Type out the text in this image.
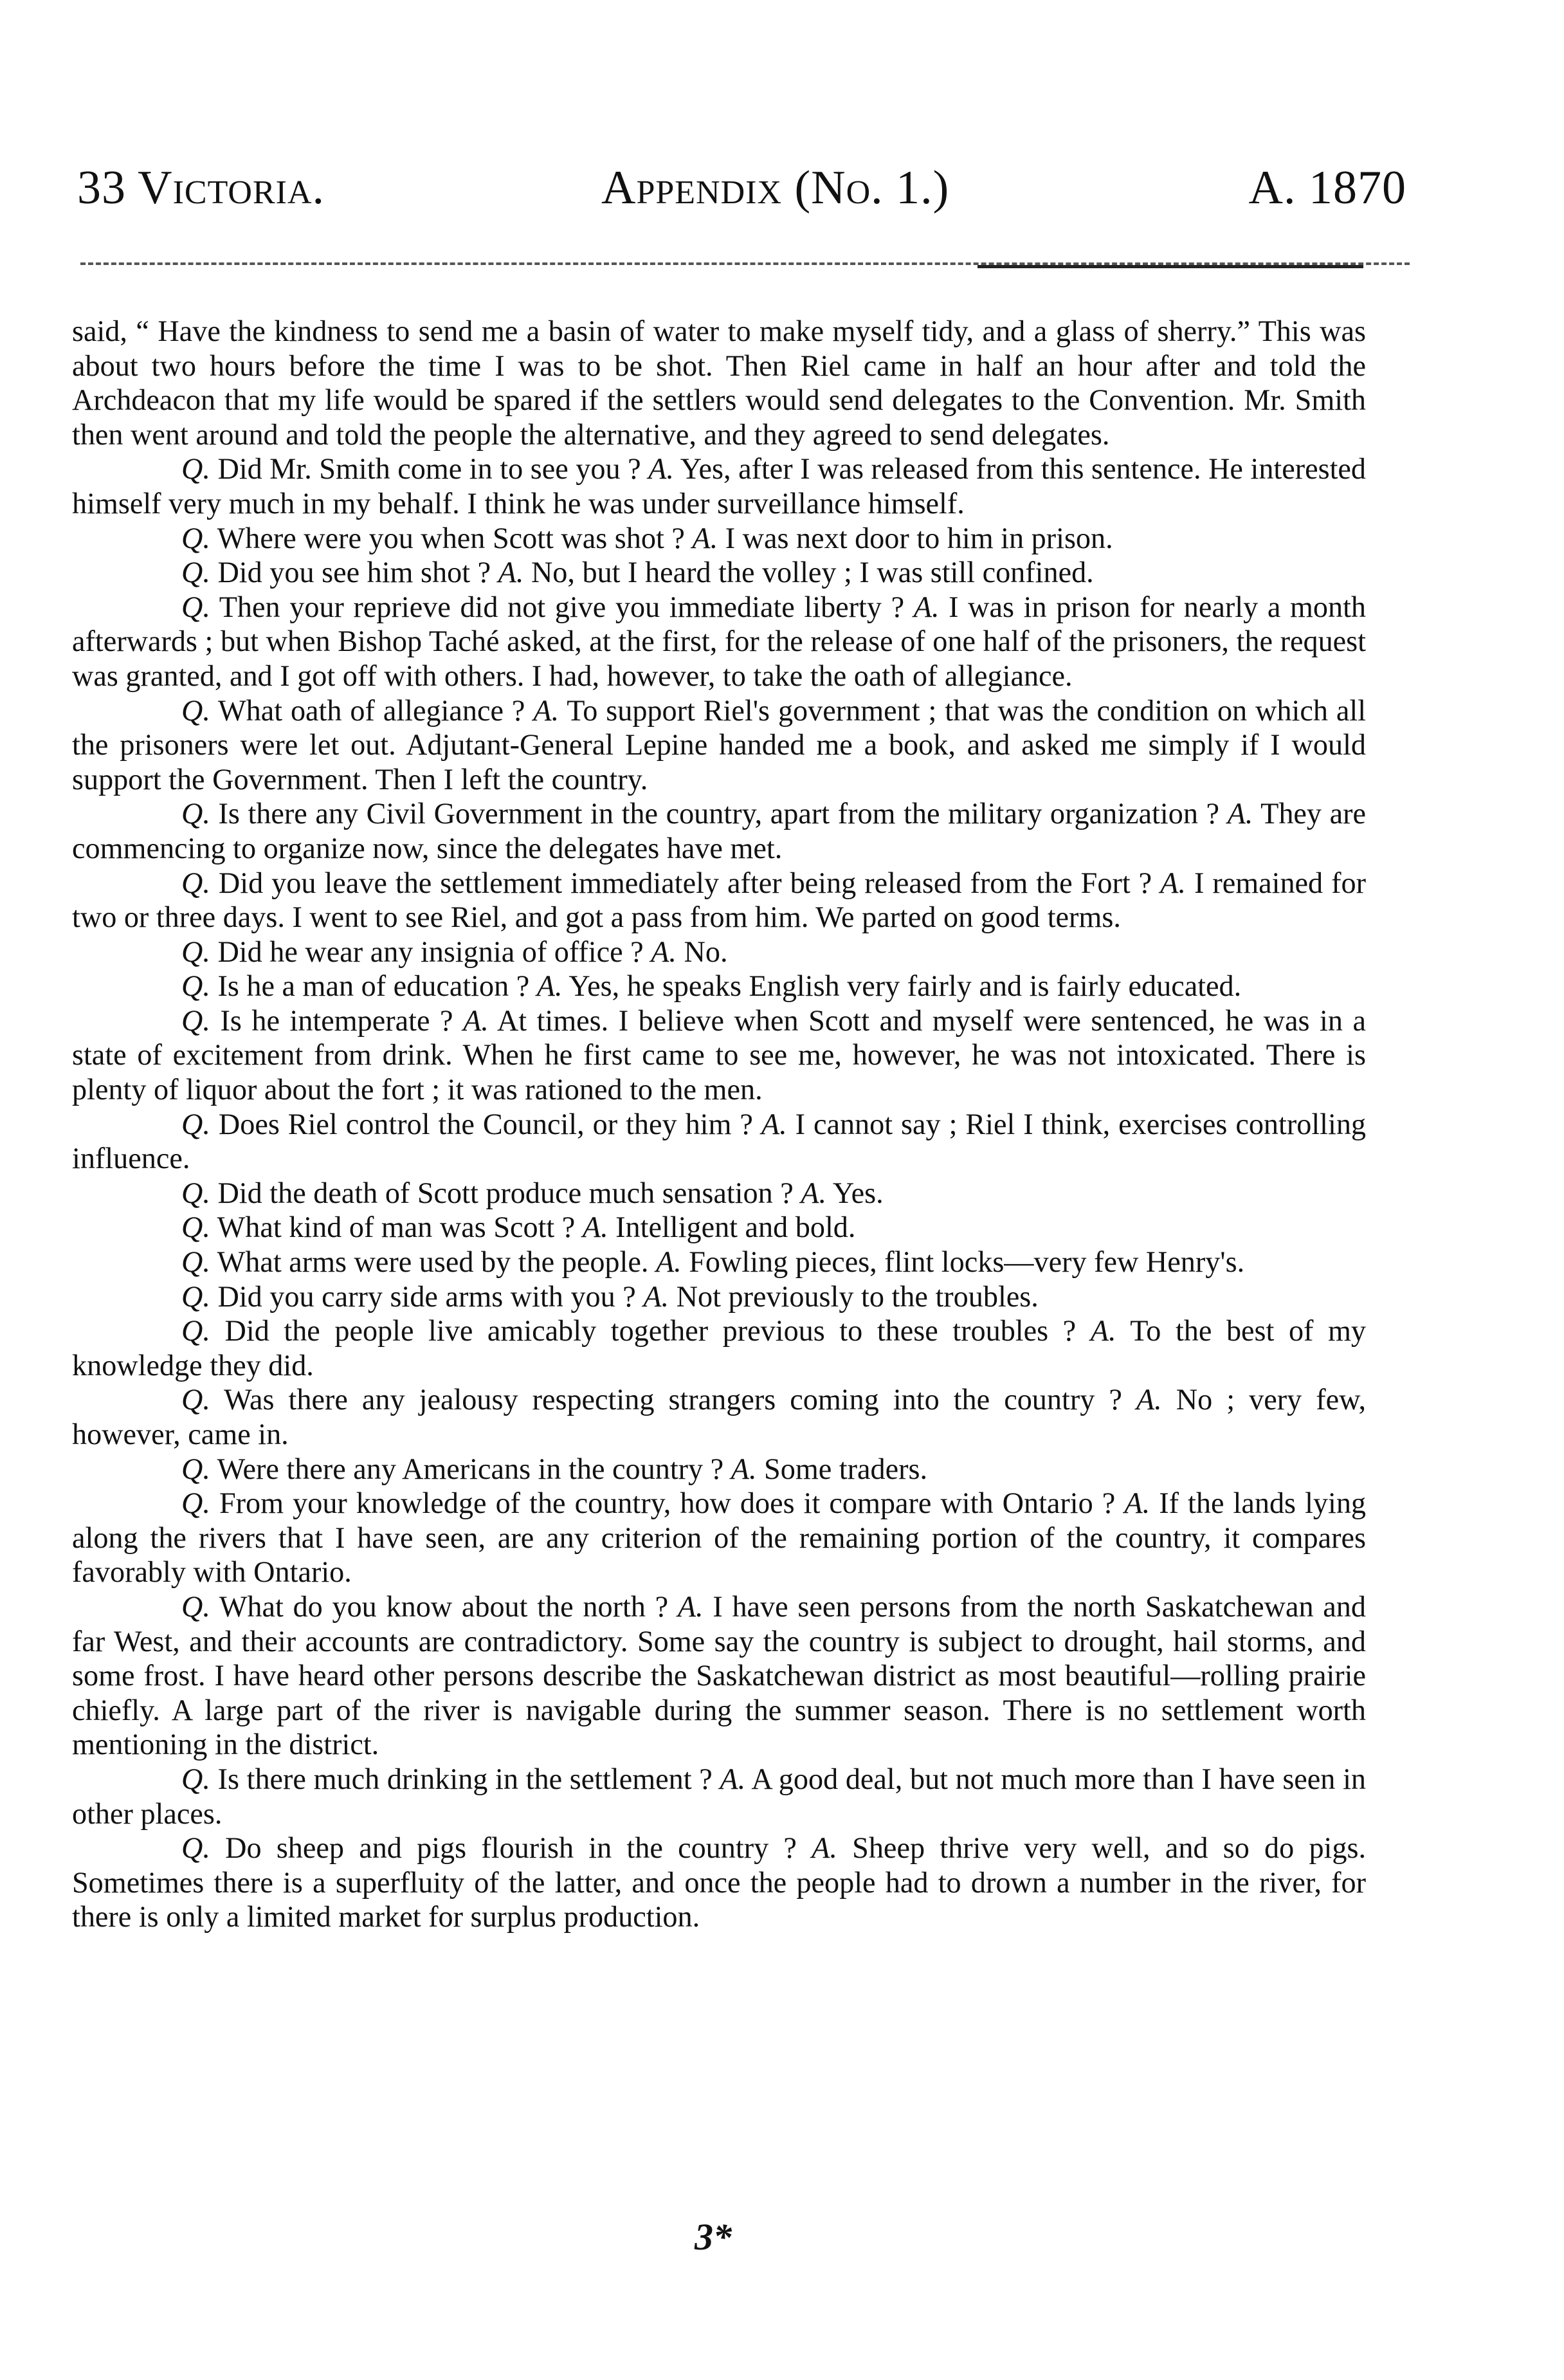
33 Victoria.	Appendix (No. 1.)	A. 1870

said, “ Have the kindness to send me a basin of water to make myself tidy, and a glass of sherry.” This was about two hours before the time I was to be shot. Then Riel came in half an hour after and told the Archdeacon that my life would be spared if the settlers would send delegates to the Convention. Mr. Smith then went around and told the people the alternative, and they agreed to send delegates.

Q. Did Mr. Smith come in to see you ? A. Yes, after I was released from this sentence. He interested himself very much in my behalf. I think he was under surveillance himself.

Q. Where were you when Scott was shot ? A. I was next door to him in prison.

Q. Did you see him shot ? A. No, but I heard the volley ; I was still confined.

Q. Then your reprieve did not give you immediate liberty ? A. I was in prison for nearly a month afterwards ; but when Bishop Taché asked, at the first, for the release of one half of the prisoners, the request was granted, and I got off with others. I had, however, to take the oath of allegiance.

Q. What oath of allegiance ? A. To support Riel's government ; that was the condition on which all the prisoners were let out. Adjutant-General Lepine handed me a book, and asked me simply if I would support the Government. Then I left the country.

Q. Is there any Civil Government in the country, apart from the military organization ? A. They are commencing to organize now, since the delegates have met.

Q. Did you leave the settlement immediately after being released from the Fort ? A. I remained for two or three days. I went to see Riel, and got a pass from him. We parted on good terms.

Q. Did he wear any insignia of office ? A. No.

Q. Is he a man of education ? A. Yes, he speaks English very fairly and is fairly educated.

Q. Is he intemperate ? A. At times. I believe when Scott and myself were sentenced, he was in a state of excitement from drink. When he first came to see me, however, he was not intoxicated. There is plenty of liquor about the fort ; it was rationed to the men.

Q. Does Riel control the Council, or they him ? A. I cannot say ; Riel I think, exercises controlling influence.

Q. Did the death of Scott produce much sensation ? A. Yes.

Q. What kind of man was Scott ? A. Intelligent and bold.

Q. What arms were used by the people. A. Fowling pieces, flint locks—very few Henry's.

Q. Did you carry side arms with you ? A. Not previously to the troubles.

Q. Did the people live amicably together previous to these troubles ? A. To the best of my knowledge they did.

Q. Was there any jealousy respecting strangers coming into the country ? A. No ; very few, however, came in.

Q. Were there any Americans in the country ? A. Some traders.

Q. From your knowledge of the country, how does it compare with Ontario ? A. If the lands lying along the rivers that I have seen, are any criterion of the remaining portion of the country, it compares favorably with Ontario.

Q. What do you know about the north ? A. I have seen persons from the north Saskatchewan and far West, and their accounts are contradictory. Some say the country is subject to drought, hail storms, and some frost. I have heard other persons describe the Saskatchewan district as most beautiful—rolling prairie chiefly. A large part of the river is navigable during the summer season. There is no settlement worth mentioning in the district.

Q. Is there much drinking in the settlement ? A. A good deal, but not much more than I have seen in other places.

Q. Do sheep and pigs flourish in the country ? A. Sheep thrive very well, and so do pigs. Sometimes there is a superfluity of the latter, and once the people had to drown a number in the river, for there is only a limited market for surplus production.

3*
